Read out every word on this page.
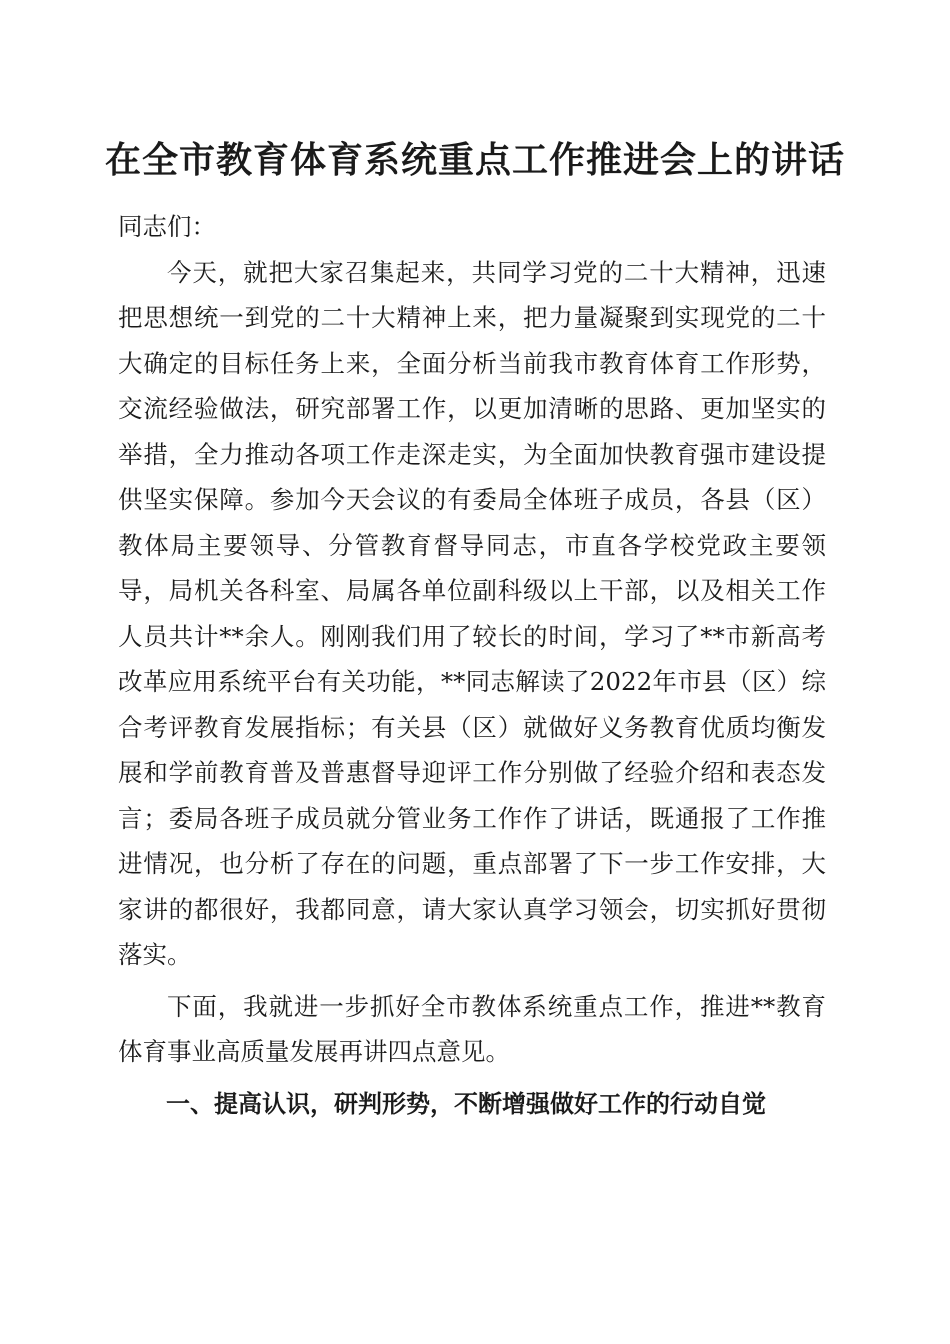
在全市教育体育系统重点工作推进会上的讲话

同志们：

今天，就把大家召集起来，共同学习党的二十大精神，迅速把思想统一到党的二十大精神上来，把力量凝聚到实现党的二十大确定的目标任务上来，全面分析当前我市教育体育工作形势，交流经验做法，研究部署工作，以更加清晰的思路、更加坚实的举措，全力推动各项工作走深走实，为全面加快教育强市建设提供坚实保障。参加今天会议的有委局全体班子成员，各县（区）教体局主要领导、分管教育督导同志，市直各学校党政主要领导，局机关各科室、局属各单位副科级以上干部，以及相关工作人员共计**余人。刚刚我们用了较长的时间，学习了**市新高考改革应用系统平台有关功能，**同志解读了2022年市县（区）综合考评教育发展指标；有关县（区）就做好义务教育优质均衡发展和学前教育普及普惠督导迎评工作分别做了经验介绍和表态发言；委局各班子成员就分管业务工作作了讲话，既通报了工作推进情况，也分析了存在的问题，重点部署了下一步工作安排，大家讲的都很好，我都同意，请大家认真学习领会，切实抓好贯彻落实。

下面，我就进一步抓好全市教体系统重点工作，推进**教育体育事业高质量发展再讲四点意见。

一、提高认识，研判形势，不断增强做好工作的行动自觉
